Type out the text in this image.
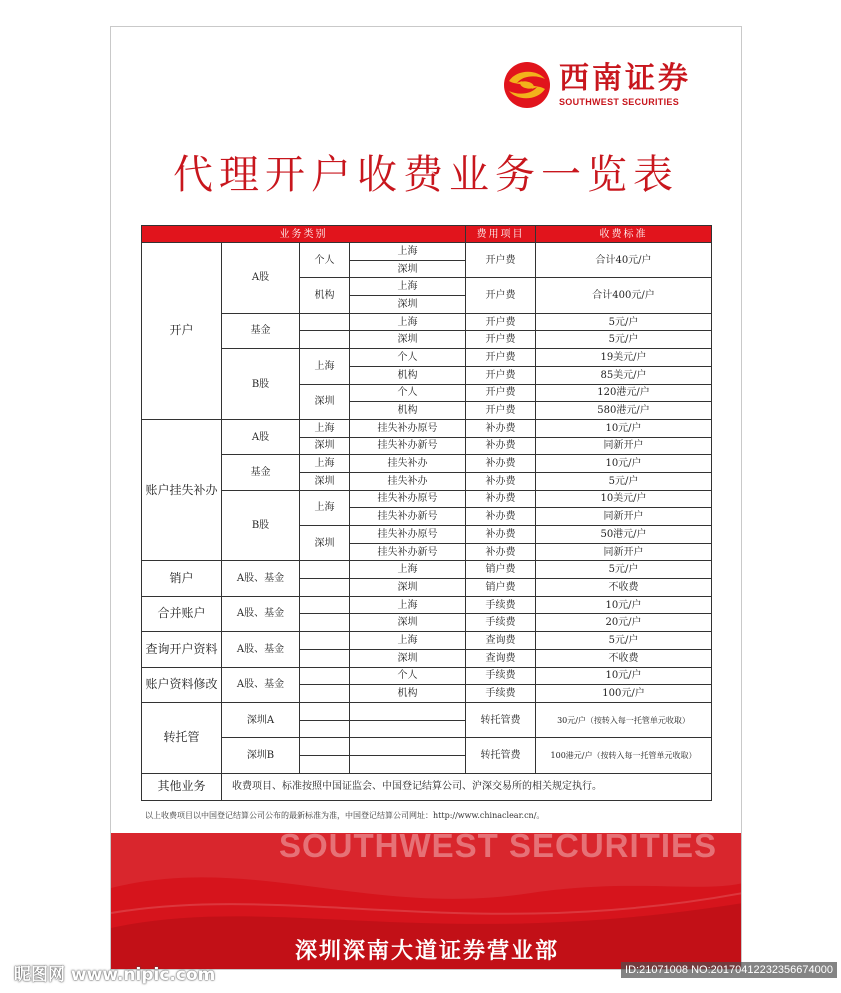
西南证券
SOUTHWEST SECURITIES
代理开户收费业务一览表
业务类别				费用项目	收费标准
开户	A股	个人	上海	开户费	合计40元/户
			深圳		
		机构	上海	开户费	合计400元/户
			深圳		
	基金		上海	开户费	5元/户
			深圳	开户费	5元/户
	B股	上海	个人	开户费	19美元/户
			机构	开户费	85美元/户
		深圳	个人	开户费	120港元/户
			机构	开户费	580港元/户
账户挂失补办	A股	上海	挂失补办原号	补办费	10元/户
		深圳	挂失补办新号	补办费	同新开户
	基金	上海	挂失补办	补办费	10元/户
		深圳	挂失补办	补办费	5元/户
	B股	上海	挂失补办原号	补办费	10美元/户
			挂失补办新号	补办费	同新开户
		深圳	挂失补办原号	补办费	50港元/户
			挂失补办新号	补办费	同新开户
销户	A股、基金		上海	销户费	5元/户
			深圳	销户费	不收费
合并账户	A股、基金		上海	手续费	10元/户
			深圳	手续费	20元/户
查询开户资料	A股、基金		上海	查询费	5元/户
			深圳	查询费	不收费
账户资料修改	A股、基金		个人	手续费	10元/户
			机构	手续费	100元/户
转托管	深圳A			转托管费	30元/户（按转入每一托管单元收取）

	深圳B			转托管费	100港元/户（按转入每一托管单元收取）

其他业务	收费项目、标准按照中国证监会、中国登记结算公司、沪深交易所的相关规定执行。				
以上收费项目以中国登记结算公司公布的最新标准为准，中国登记结算公司网址：http://www.chinaclear.cn/。
SOUTHWEST SECURITIES
深圳深南大道证券营业部
昵图网 www.nipic.com	ID:21071008 NO:20170412232356674000
